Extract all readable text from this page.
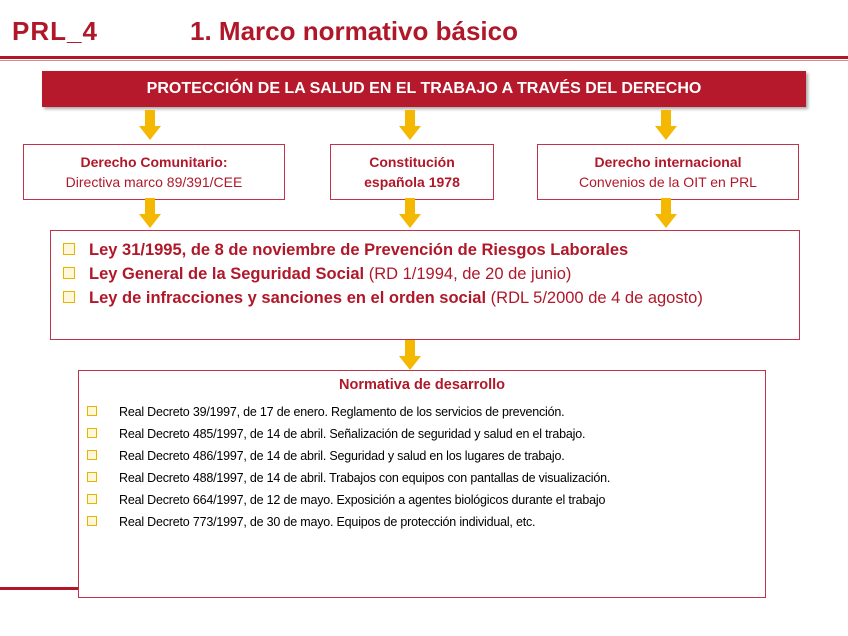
PRL_4	1. Marco normativo básico
PROTECCIÓN DE LA SALUD EN EL TRABAJO A TRAVÉS DEL DERECHO
Derecho Comunitario:
Directiva marco 89/391/CEE
Constitución
española 1978
Derecho internacional
Convenios de la OIT en PRL
Ley 31/1995, de 8 de noviembre de Prevención de Riesgos Laborales
Ley General de la Seguridad Social (RD 1/1994, de 20 de junio)
Ley de infracciones y sanciones en el orden social (RDL 5/2000 de 4 de agosto)
Normativa de desarrollo
Real Decreto 39/1997, de 17 de enero. Reglamento de los servicios de prevención.
Real Decreto 485/1997, de 14 de abril. Señalización de seguridad y salud en el trabajo.
Real Decreto 486/1997, de 14 de abril. Seguridad y salud en los lugares de trabajo.
Real Decreto 488/1997, de 14 de abril. Trabajos con equipos con pantallas de visualización.
Real Decreto 664/1997, de 12 de mayo. Exposición a agentes biológicos durante el trabajo
Real Decreto 773/1997, de 30 de mayo. Equipos de protección individual, etc.
